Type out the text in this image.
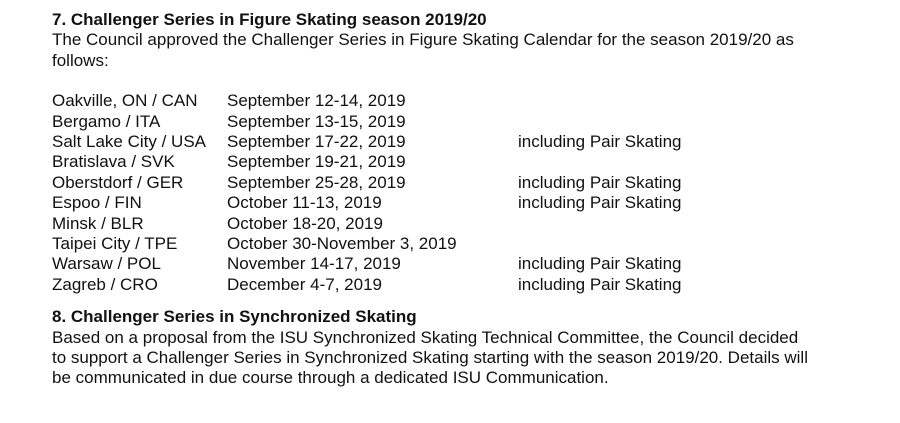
7. Challenger Series in Figure Skating season 2019/20

The Council approved the Challenger Series in Figure Skating Calendar for the season 2019/20 as

follows:

Oakville, ON / CAN	September 12-14, 2019
Bergamo / ITA	September 13-15, 2019
Salt Lake City / USA	September 17-22, 2019	including Pair Skating
Bratislava / SVK	September 19-21, 2019
Oberstdorf / GER	September 25-28, 2019	including Pair Skating
Espoo / FIN	October 11-13, 2019	including Pair Skating
Minsk / BLR	October 18-20, 2019
Taipei City / TPE	October 30-November 3, 2019
Warsaw / POL	November 14-17, 2019	including Pair Skating
Zagreb / CRO	December 4-7, 2019	including Pair Skating

8. Challenger Series in Synchronized Skating

Based on a proposal from the ISU Synchronized Skating Technical Committee, the Council decided

to support a Challenger Series in Synchronized Skating starting with the season 2019/20. Details will

be communicated in due course through a dedicated ISU Communication.
